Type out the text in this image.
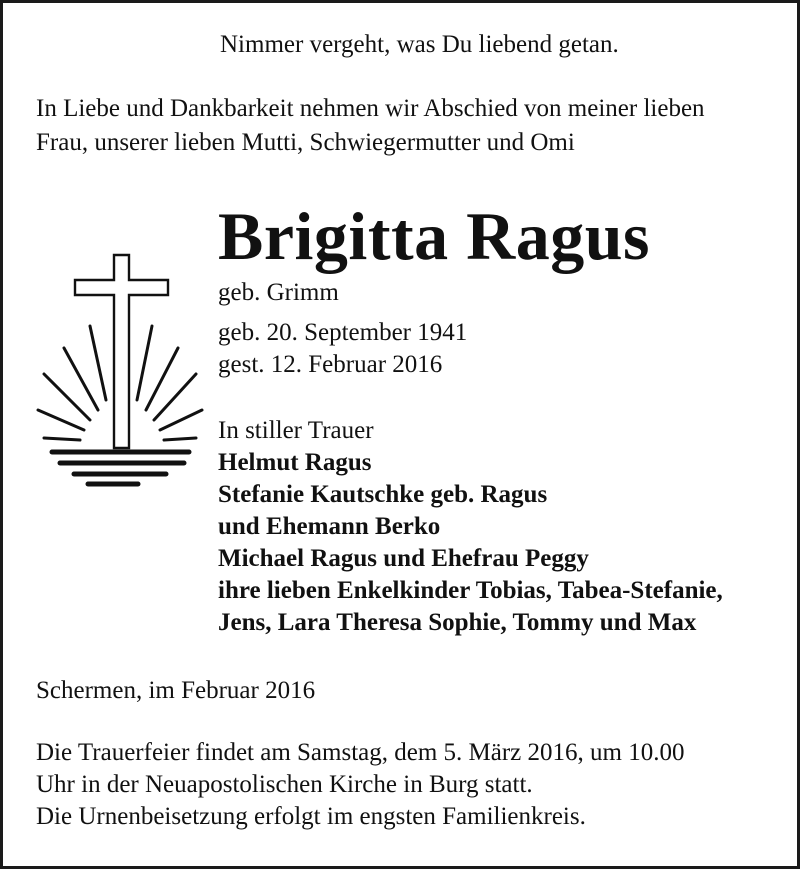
Nimmer vergeht, was Du liebend getan.
In Liebe und Dankbarkeit nehmen wir Abschied von meiner lieben
Frau, unserer lieben Mutti, Schwiegermutter und Omi
Brigitta Ragus
geb. Grimm
geb. 20. September 1941
gest. 12. Februar 2016
In stiller Trauer
Helmut Ragus
Stefanie Kautschke geb. Ragus
und Ehemann Berko
Michael Ragus und Ehefrau Peggy
ihre lieben Enkelkinder Tobias, Tabea-Stefanie,
Jens, Lara Theresa Sophie, Tommy und Max
Schermen, im Februar 2016
Die Trauerfeier findet am Samstag, dem 5. März 2016, um 10.00
Uhr in der Neuapostolischen Kirche in Burg statt.
Die Urnenbeisetzung erfolgt im engsten Familienkreis.
